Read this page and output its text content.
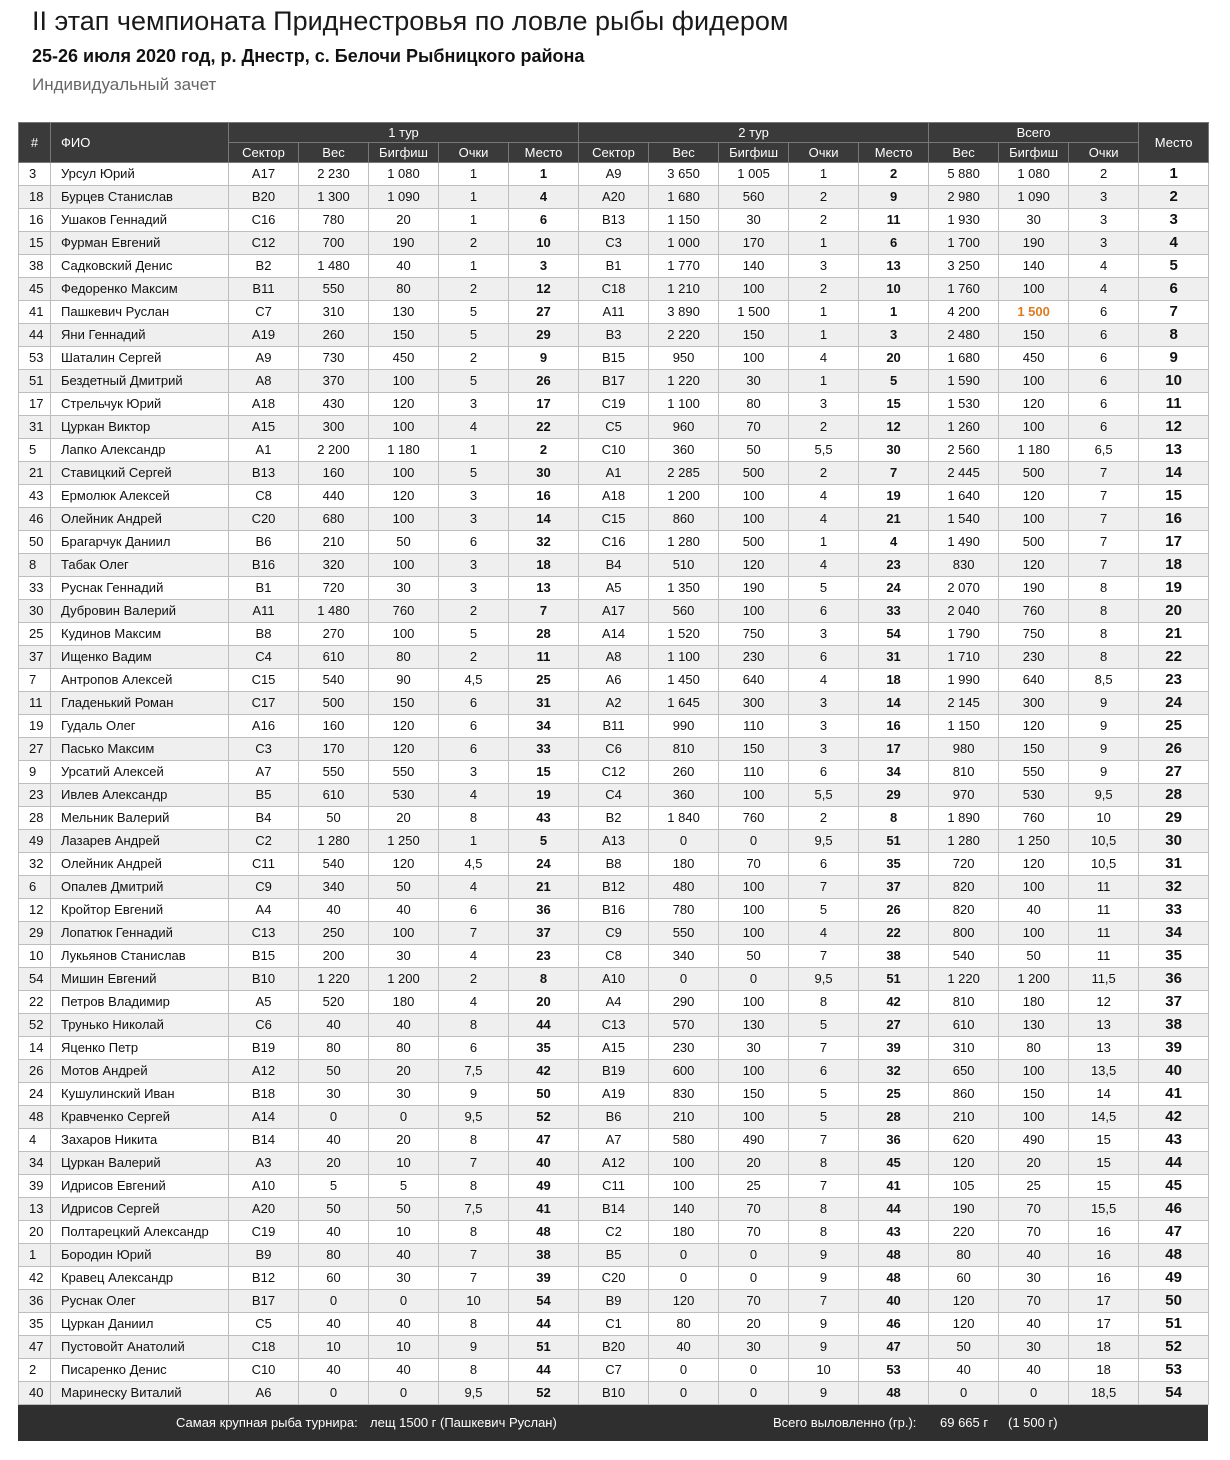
II этап чемпионата Приднестровья по ловле рыбы фидером
25-26 июля 2020 год, р. Днестр, с. Белочи Рыбницкого района
Индивидуальный зачет
#	ФИО	1 тур					2 тур					Всего			Место
		Сектор	Вес	Бигфиш	Очки	Место	Сектор	Вес	Бигфиш	Очки	Место	Вес	Бигфиш	Очки	
3	Урсул Юрий	А17	2 230	1 080	1	1	А9	3 650	1 005	1	2	5 880	1 080	2	1
18	Бурцев Станислав	В20	1 300	1 090	1	4	А20	1 680	560	2	9	2 980	1 090	3	2
16	Ушаков Геннадий	С16	780	20	1	6	В13	1 150	30	2	11	1 930	30	3	3
15	Фурман Евгений	С12	700	190	2	10	С3	1 000	170	1	6	1 700	190	3	4
38	Садковский Денис	В2	1 480	40	1	3	В1	1 770	140	3	13	3 250	140	4	5
45	Федоренко Максим	В11	550	80	2	12	С18	1 210	100	2	10	1 760	100	4	6
41	Пашкевич Руслан	С7	310	130	5	27	А11	3 890	1 500	1	1	4 200	1 500	6	7
44	Яни Геннадий	А19	260	150	5	29	В3	2 220	150	1	3	2 480	150	6	8
53	Шаталин Сергей	А9	730	450	2	9	В15	950	100	4	20	1 680	450	6	9
51	Бездетный Дмитрий	А8	370	100	5	26	В17	1 220	30	1	5	1 590	100	6	10
17	Стрельчук Юрий	А18	430	120	3	17	С19	1 100	80	3	15	1 530	120	6	11
31	Цуркан Виктор	А15	300	100	4	22	С5	960	70	2	12	1 260	100	6	12
5	Лапко Александр	А1	2 200	1 180	1	2	С10	360	50	5,5	30	2 560	1 180	6,5	13
21	Ставицкий Сергей	В13	160	100	5	30	А1	2 285	500	2	7	2 445	500	7	14
43	Ермолюк Алексей	С8	440	120	3	16	А18	1 200	100	4	19	1 640	120	7	15
46	Олейник Андрей	С20	680	100	3	14	С15	860	100	4	21	1 540	100	7	16
50	Брагарчук Даниил	В6	210	50	6	32	С16	1 280	500	1	4	1 490	500	7	17
8	Табак Олег	В16	320	100	3	18	В4	510	120	4	23	830	120	7	18
33	Руснак Геннадий	В1	720	30	3	13	А5	1 350	190	5	24	2 070	190	8	19
30	Дубровин Валерий	А11	1 480	760	2	7	А17	560	100	6	33	2 040	760	8	20
25	Кудинов Максим	В8	270	100	5	28	А14	1 520	750	3	54	1 790	750	8	21
37	Ищенко Вадим	С4	610	80	2	11	А8	1 100	230	6	31	1 710	230	8	22
7	Антропов Алексей	С15	540	90	4,5	25	А6	1 450	640	4	18	1 990	640	8,5	23
11	Гладенький Роман	С17	500	150	6	31	А2	1 645	300	3	14	2 145	300	9	24
19	Гудаль Олег	А16	160	120	6	34	В11	990	110	3	16	1 150	120	9	25
27	Пасько Максим	С3	170	120	6	33	С6	810	150	3	17	980	150	9	26
9	Урсатий Алексей	А7	550	550	3	15	С12	260	110	6	34	810	550	9	27
23	Ивлев Александр	В5	610	530	4	19	С4	360	100	5,5	29	970	530	9,5	28
28	Мельник Валерий	В4	50	20	8	43	В2	1 840	760	2	8	1 890	760	10	29
49	Лазарев Андрей	С2	1 280	1 250	1	5	А13	0	0	9,5	51	1 280	1 250	10,5	30
32	Олейник Андрей	С11	540	120	4,5	24	В8	180	70	6	35	720	120	10,5	31
6	Опалев Дмитрий	С9	340	50	4	21	В12	480	100	7	37	820	100	11	32
12	Кройтор Евгений	А4	40	40	6	36	В16	780	100	5	26	820	40	11	33
29	Лопатюк Геннадий	С13	250	100	7	37	С9	550	100	4	22	800	100	11	34
10	Лукьянов Станислав	В15	200	30	4	23	С8	340	50	7	38	540	50	11	35
54	Мишин Евгений	В10	1 220	1 200	2	8	А10	0	0	9,5	51	1 220	1 200	11,5	36
22	Петров Владимир	А5	520	180	4	20	А4	290	100	8	42	810	180	12	37
52	Трунько Николай	С6	40	40	8	44	С13	570	130	5	27	610	130	13	38
14	Яценко Петр	В19	80	80	6	35	А15	230	30	7	39	310	80	13	39
26	Мотов Андрей	А12	50	20	7,5	42	В19	600	100	6	32	650	100	13,5	40
24	Кушулинский Иван	В18	30	30	9	50	А19	830	150	5	25	860	150	14	41
48	Кравченко Сергей	А14	0	0	9,5	52	В6	210	100	5	28	210	100	14,5	42
4	Захаров Никита	В14	40	20	8	47	А7	580	490	7	36	620	490	15	43
34	Цуркан Валерий	А3	20	10	7	40	А12	100	20	8	45	120	20	15	44
39	Идрисов Евгений	А10	5	5	8	49	С11	100	25	7	41	105	25	15	45
13	Идрисов Сергей	А20	50	50	7,5	41	В14	140	70	8	44	190	70	15,5	46
20	Полтарецкий Александр	С19	40	10	8	48	С2	180	70	8	43	220	70	16	47
1	Бородин Юрий	В9	80	40	7	38	В5	0	0	9	48	80	40	16	48
42	Кравец Александр	В12	60	30	7	39	С20	0	0	9	48	60	30	16	49
36	Руснак Олег	В17	0	0	10	54	В9	120	70	7	40	120	70	17	50
35	Цуркан Даниил	С5	40	40	8	44	С1	80	20	9	46	120	40	17	51
47	Пустовойт Анатолий	С18	10	10	9	51	В20	40	30	9	47	50	30	18	52
2	Писаренко Денис	С10	40	40	8	44	С7	0	0	10	53	40	40	18	53
40	Маринеску Виталий	А6	0	0	9,5	52	В10	0	0	9	48	0	0	18,5	54
Самая крупная рыба турнира: лещ 1500 г (Пашкевич Руслан)	Всего выловленно (гр.): 69 665 г (1 500 г)
